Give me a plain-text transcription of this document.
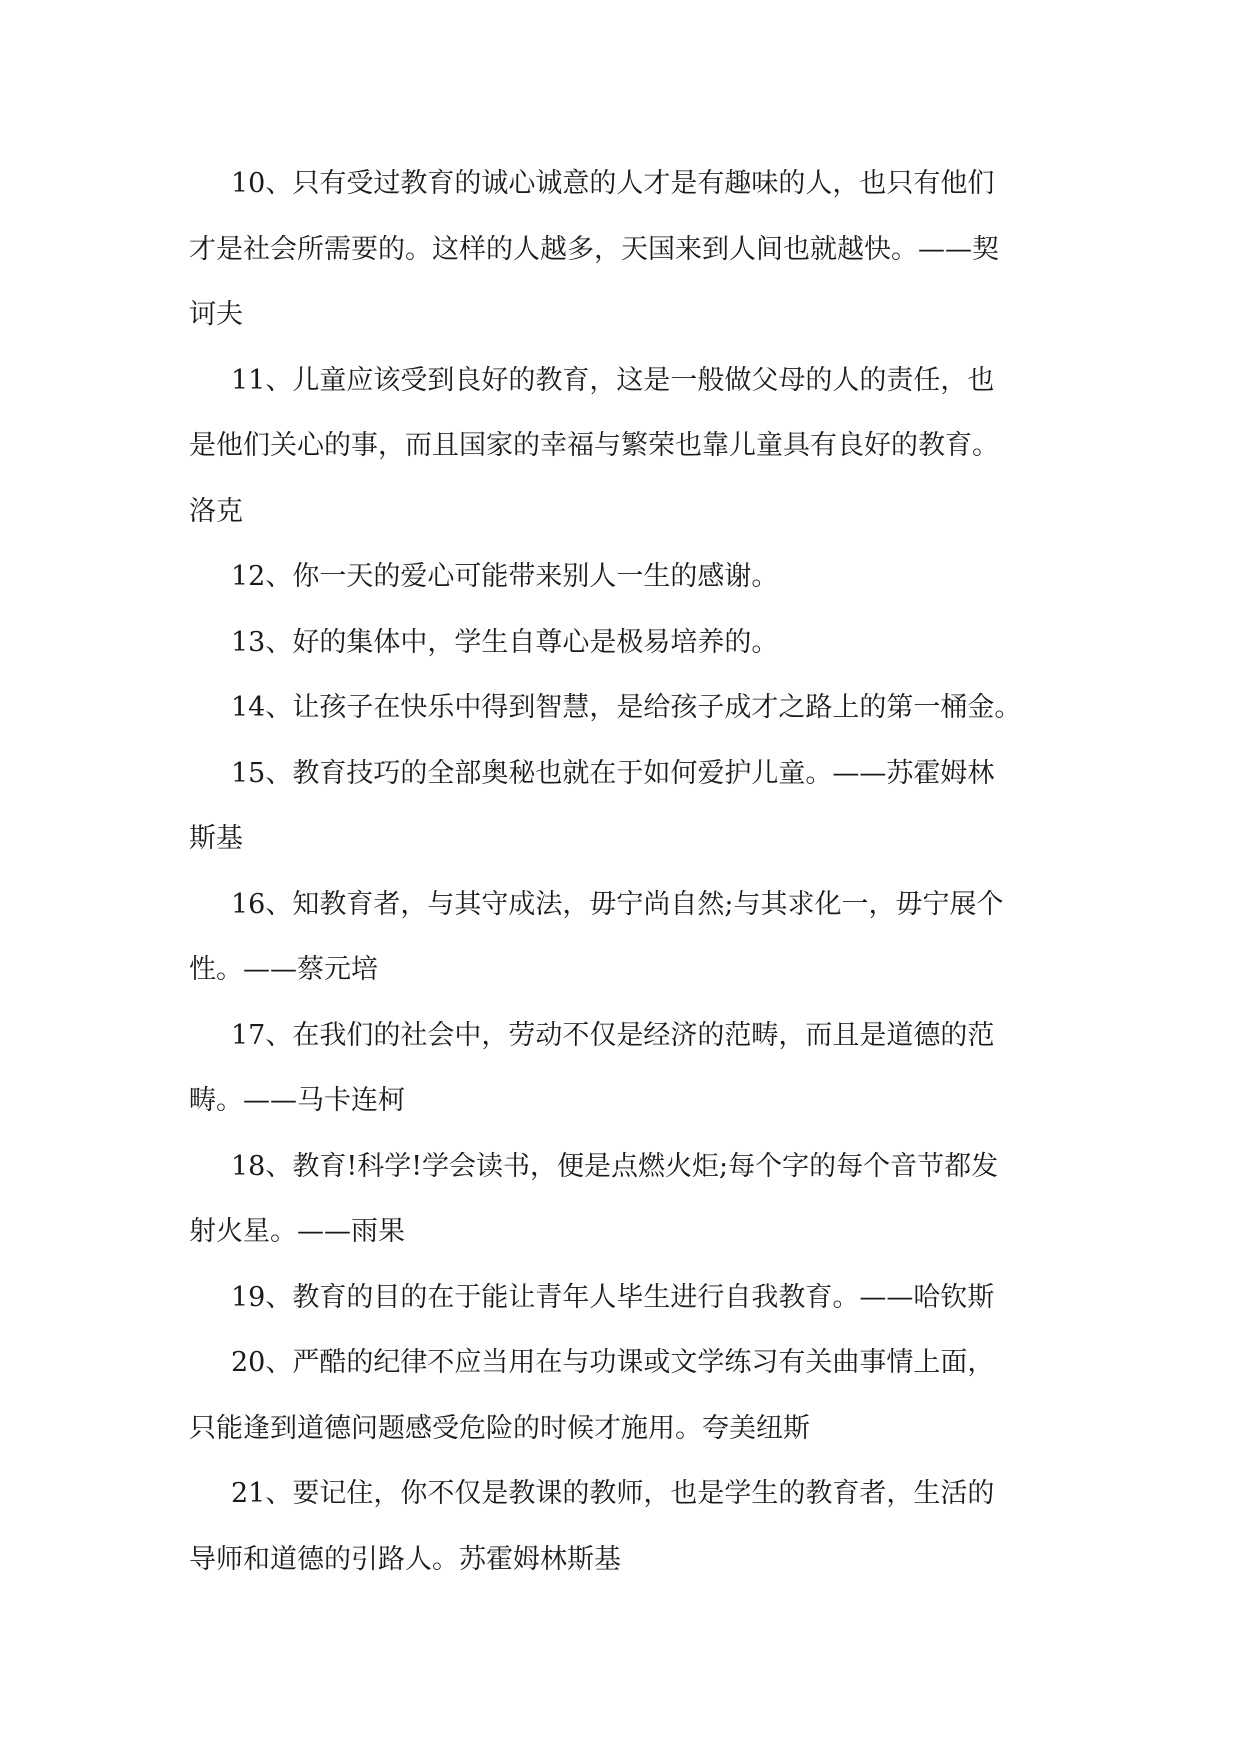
10、只有受过教育的诚心诚意的人才是有趣味的人，也只有他们
才是社会所需要的。这样的人越多，天国来到人间也就越快。——契
诃夫
11、儿童应该受到良好的教育，这是一般做父母的人的责任，也
是他们关心的事，而且国家的幸福与繁荣也靠儿童具有良好的教育。
洛克
12、你一天的爱心可能带来别人一生的感谢。
13、好的集体中，学生自尊心是极易培养的。
14、让孩子在快乐中得到智慧，是给孩子成才之路上的第一桶金。
15、教育技巧的全部奥秘也就在于如何爱护儿童。——苏霍姆林
斯基
16、知教育者，与其守成法，毋宁尚自然;与其求化一，毋宁展个
性。——蔡元培
17、在我们的社会中，劳动不仅是经济的范畴，而且是道德的范
畴。——马卡连柯
18、教育!科学!学会读书，便是点燃火炬;每个字的每个音节都发
射火星。——雨果
19、教育的目的在于能让青年人毕生进行自我教育。——哈钦斯
20、严酷的纪律不应当用在与功课或文学练习有关曲事情上面，
只能逢到道德问题感受危险的时候才施用。夸美纽斯
21、要记住，你不仅是教课的教师，也是学生的教育者，生活的
导师和道德的引路人。苏霍姆林斯基
